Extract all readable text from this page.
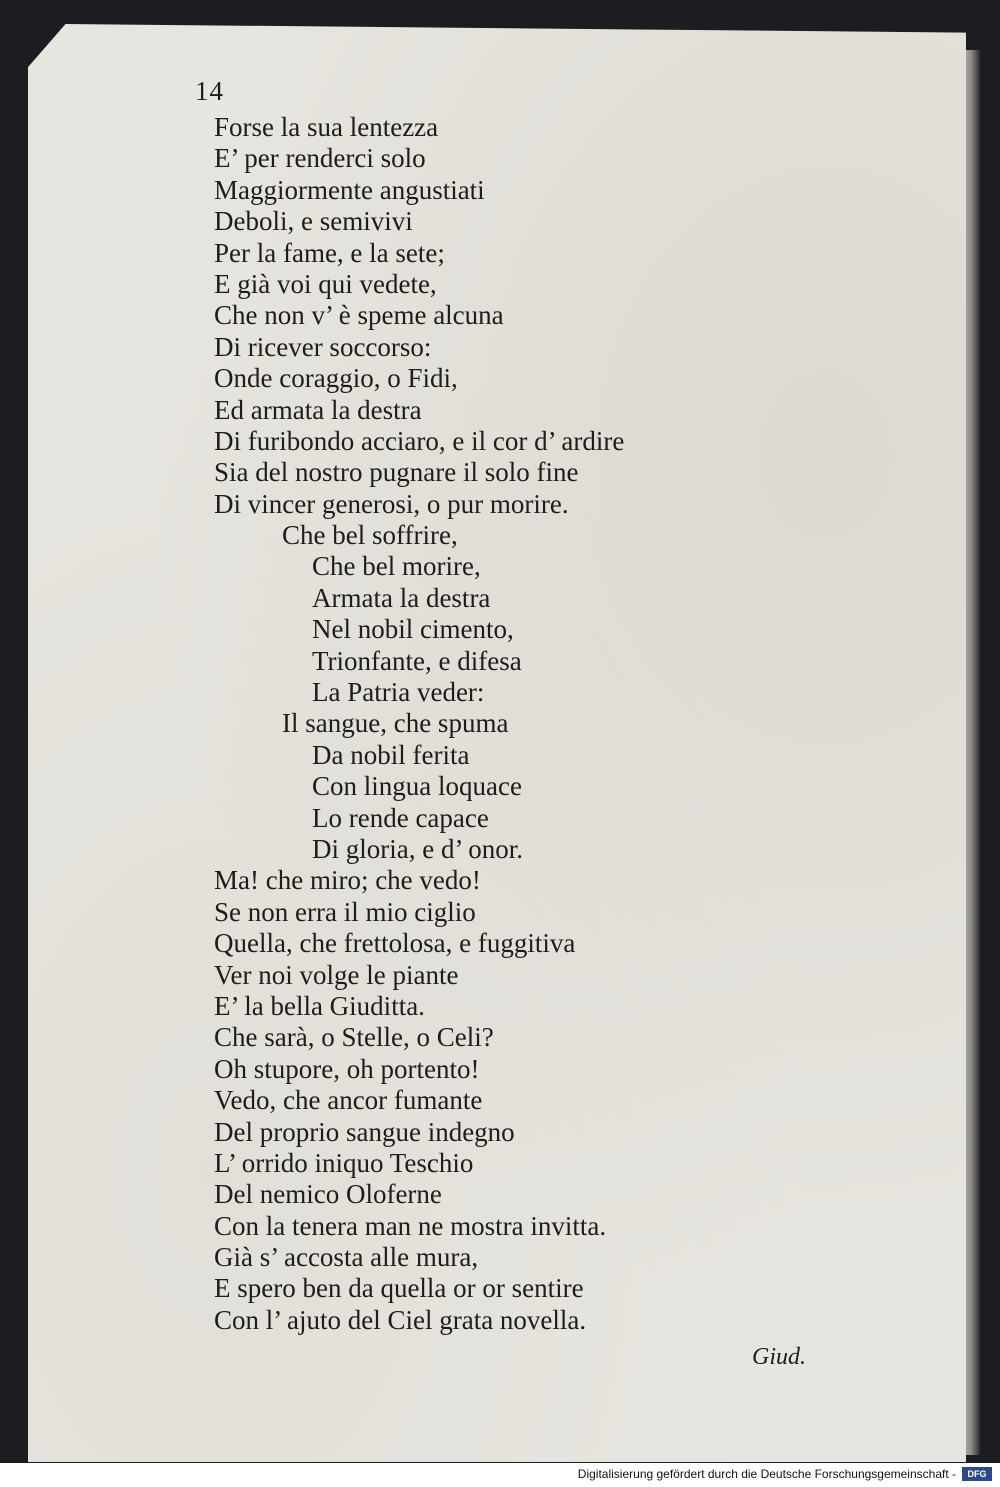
14
Forse la sua lentezza
E’ per renderci solo
Maggiormente angustiati
Deboli, e semivivi
Per la fame, e la sete;
E già voi qui vedete,
Che non v’ è speme alcuna
Di ricever soccorso:
Onde coraggio, o Fidi,
Ed armata la destra
Di furibondo acciaro, e il cor d’ ardire
Sia del nostro pugnare il solo fine
Di vincer generosi, o pur morire.
Che bel soffrire,
Che bel morire,
Armata la destra
Nel nobil cimento,
Trionfante, e difesa
La Patria veder:
Il sangue, che spuma
Da nobil ferita
Con lingua loquace
Lo rende capace
Di gloria, e d’ onor.
Ma! che miro; che vedo!
Se non erra il mio ciglio
Quella, che frettolosa, e fuggitiva
Ver noi volge le piante
E’ la bella Giuditta.
Che sarà, o Stelle, o Celi?
Oh stupore, oh portento!
Vedo, che ancor fumante
Del proprio sangue indegno
L’ orrido iniquo Teschio
Del nemico Oloferne
Con la tenera man ne mostra invitta.
Già s’ accosta alle mura,
E spero ben da quella or or sentire
Con l’ ajuto del Ciel grata novella.
Giud.
Digitalisierung gefördert durch die Deutsche Forschungsgemeinschaft -	DFG
